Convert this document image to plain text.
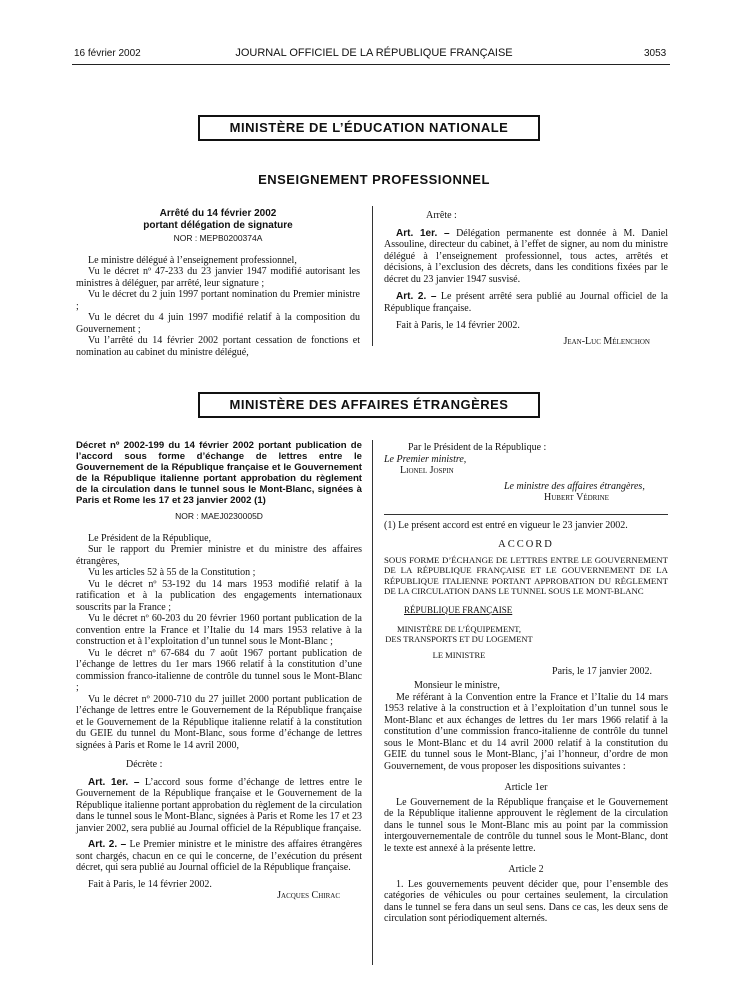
16 février 2002	JOURNAL OFFICIEL DE LA RÉPUBLIQUE FRANÇAISE	3053
MINISTÈRE DE L’ÉDUCATION NATIONALE
ENSEIGNEMENT PROFESSIONNEL
Arrêté du 14 février 2002
portant délégation de signature
NOR : MEPB0200374A

Le ministre délégué à l’enseignement professionnel,

Vu le décret nº 47-233 du 23 janvier 1947 modifié autorisant les ministres à déléguer, par arrêté, leur signature ;

Vu le décret du 2 juin 1997 portant nomination du Premier ministre ;

Vu le décret du 4 juin 1997 modifié relatif à la composition du Gouvernement ;

Vu l’arrêté du 14 février 2002 portant cessation de fonctions et nomination au cabinet du ministre délégué,

Arrête :

Art. 1er. – Délégation permanente est donnée à M. Daniel Assouline, directeur du cabinet, à l’effet de signer, au nom du ministre délégué à l’enseignement professionnel, tous actes, arrêtés et décisions, à l’exclusion des décrets, dans les conditions fixées par le décret du 23 janvier 1947 susvisé.

Art. 2. – Le présent arrêté sera publié au Journal officiel de la République française.

Fait à Paris, le 14 février 2002.

Jean-Luc Mélenchon
MINISTÈRE DES AFFAIRES ÉTRANGÈRES
Décret nº 2002-199 du 14 février 2002 portant publication de l’accord sous forme d’échange de lettres entre le Gouvernement de la République française et le Gouvernement de la République italienne portant approbation du règlement de la circulation dans le tunnel sous le Mont-Blanc, signées à Paris et Rome les 17 et 23 janvier 2002 (1)
NOR : MAEJ0230005D

Le Président de la République,

Sur le rapport du Premier ministre et du ministre des affaires étrangères,

Vu les articles 52 à 55 de la Constitution ;

Vu le décret nº 53-192 du 14 mars 1953 modifié relatif à la ratification et à la publication des engagements internationaux souscrits par la France ;

Vu le décret nº 60-203 du 20 février 1960 portant publication de la convention entre la France et l’Italie du 14 mars 1953 relative à la construction et à l’exploitation d’un tunnel sous le Mont-Blanc ;

Vu le décret nº 67-684 du 7 août 1967 portant publication de l’échange de lettres du 1er mars 1966 relatif à la constitution d’une commission franco-italienne de contrôle du tunnel sous le Mont-Blanc ;

Vu le décret nº 2000-710 du 27 juillet 2000 portant publication de l’échange de lettres entre le Gouvernement de la République française et le Gouvernement de la République italienne relatif à la constitution du GEIE du tunnel du Mont-Blanc, sous forme d’échange de lettres signées à Paris et Rome le 14 avril 2000,

Décrète :

Art. 1er. – L’accord sous forme d’échange de lettres entre le Gouvernement de la République française et le Gouvernement de la République italienne portant approbation du règlement de la circulation dans le tunnel sous le Mont-Blanc, signées à Paris et Rome les 17 et 23 janvier 2002, sera publié au Journal officiel de la République française.

Art. 2. – Le Premier ministre et le ministre des affaires étrangères sont chargés, chacun en ce qui le concerne, de l’exécution du présent décret, qui sera publié au Journal officiel de la République française.

Fait à Paris, le 14 février 2002.

Jacques Chirac
Par le Président de la République :
Le Premier ministre,
Lionel Jospin
Le ministre des affaires étrangères,
Hubert Védrine
(1) Le présent accord est entré en vigueur le 23 janvier 2002.
ACCORD
SOUS FORME D’ÉCHANGE DE LETTRES ENTRE LE GOUVERNEMENT DE LA RÉPUBLIQUE FRANÇAISE ET LE GOUVERNEMENT DE LA RÉPUBLIQUE ITALIENNE PORTANT APPROBATION DU RÈGLEMENT DE LA CIRCULATION DANS LE TUNNEL SOUS LE MONT-BLANC
RÉPUBLIQUE FRANÇAISE
MINISTÈRE DE L’ÉQUIPEMENT,
DES TRANSPORTS ET DU LOGEMENT
LE MINISTRE
Paris, le 17 janvier 2002.
Monsieur le ministre,

Me référant à la Convention entre la France et l’Italie du 14 mars 1953 relative à la construction et à l’exploitation d’un tunnel sous le Mont-Blanc et aux échanges de lettres du 1er mars 1966 relatif à la constitution d’une commission franco-italienne de contrôle du tunnel sous le Mont-Blanc et du 14 avril 2000 relatif à la constitution du GEIE du tunnel sous le Mont-Blanc, j’ai l’honneur, d’ordre de mon Gouvernement, de vous proposer les dispositions suivantes :

Article 1er

Le Gouvernement de la République française et le Gouvernement de la République italienne approuvent le règlement de la circulation dans le tunnel sous le Mont-Blanc mis au point par la commission intergouvernementale de contrôle du tunnel sous le Mont-Blanc, dont le texte est annexé à la présente lettre.

Article 2

1. Les gouvernements peuvent décider que, pour l’ensemble des catégories de véhicules ou pour certaines seulement, la circulation dans le tunnel se fera dans un seul sens. Dans ce cas, les deux sens de circulation sont périodiquement alternés.
